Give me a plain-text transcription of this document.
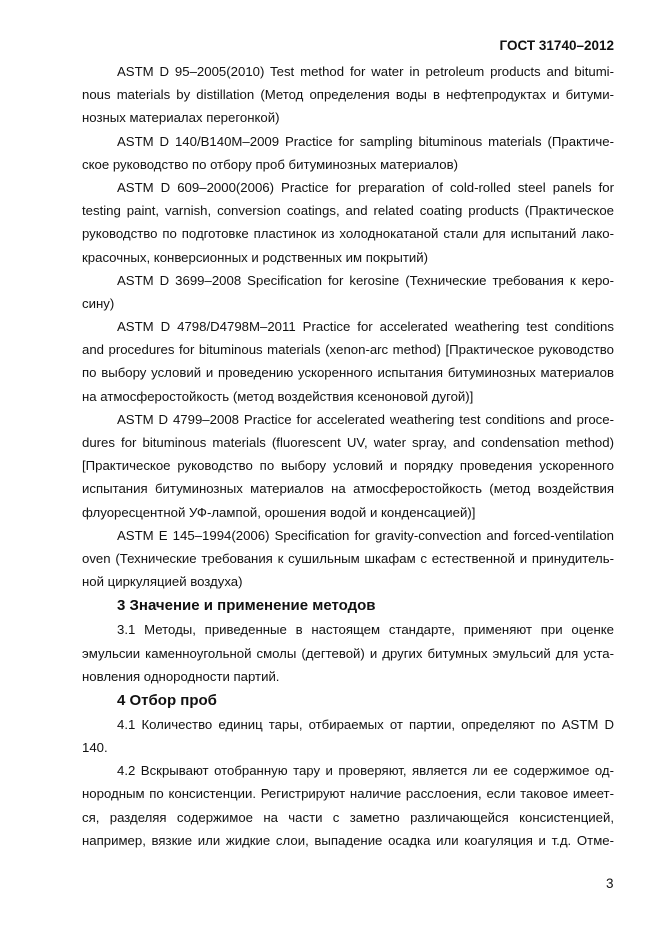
ГОСТ 31740–2012
ASTM D 95–2005(2010) Test method for water in petroleum products and bitumi-
nous materials by distillation (Метод определения воды в нефтепродуктах и битуми-
нозных материалах перегонкой)
ASTM D 140/B140M–2009 Practice for sampling bituminous materials (Практиче-
ское руководство по отбору проб битуминозных материалов)
ASTM D 609–2000(2006) Practice for preparation of cold-rolled steel panels for
testing paint, varnish, conversion coatings, and related coating products (Практическое
руководство по подготовке пластинок из холоднокатаной стали для испытаний лако-
красочных, конверсионных и родственных им покрытий)
ASTM D 3699–2008 Specification for kerosine (Технические требования к керо-
сину)
ASTM D 4798/D4798M–2011 Practice for accelerated weathering test conditions
and procedures for bituminous materials (xenon-arc method) [Практическое руководство
по выбору условий и проведению ускоренного испытания битуминозных материалов
на атмосферостойкость (метод воздействия ксеноновой дугой)]
ASTM D 4799–2008 Practice for accelerated weathering test conditions and proce-
dures for bituminous materials (fluorescent UV, water spray, and condensation method)
[Практическое руководство по выбору условий и порядку проведения ускоренного
испытания битуминозных материалов на атмосферостойкость (метод воздействия
флуоресцентной УФ-лампой, орошения водой и конденсацией)]
ASTM E 145–1994(2006) Specification for gravity-convection and forced-ventilation
oven (Технические требования к сушильным шкафам с естественной и принудитель-
ной циркуляцией воздуха)
3 Значение и применение методов
3.1 Методы, приведенные в настоящем стандарте, применяют при оценке
эмульсии каменноугольной смолы (дегтевой) и других битумных эмульсий для уста-
новления однородности партий.
4 Отбор проб
4.1 Количество единиц тары, отбираемых от партии, определяют по ASTM D
140.
4.2 Вскрывают отобранную тару и проверяют, является ли ее содержимое од-
нородным по консистенции. Регистрируют наличие расслоения, если таковое имеет-
ся, разделяя содержимое на части с заметно различающейся консистенцией,
например, вязкие или жидкие слои, выпадение осадка или коагуляция и т.д. Отме-
3
